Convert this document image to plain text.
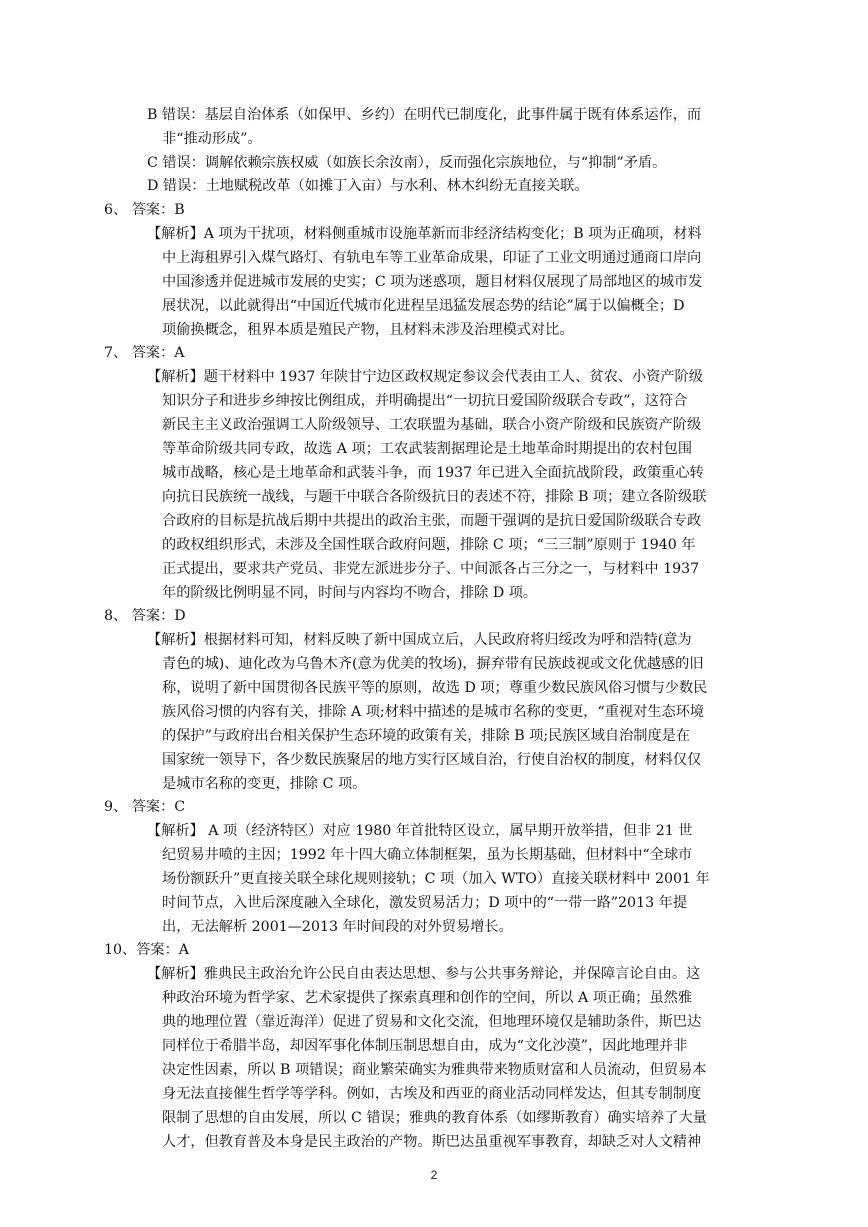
B 错误：基层自治体系（如保甲、乡约）在明代已制度化，此事件属于既有体系运作，而
非“推动形成”。
C 错误：调解依赖宗族权威（如族长余汝南），反而强化宗族地位，与“抑制”矛盾。
D 错误：土地赋税改革（如摊丁入亩）与水利、林木纠纷无直接关联。
6、 答案：B
【解析】A 项为干扰项，材料侧重城市设施革新而非经济结构变化；B 项为正确项，材料
中上海租界引入煤气路灯、有轨电车等工业革命成果，印证了工业文明通过通商口岸向
中国渗透并促进城市发展的史实；C 项为迷惑项，题目材料仅展现了局部地区的城市发
展状况，以此就得出“中国近代城市化进程呈迅猛发展态势的结论”属于以偏概全；D
项偷换概念，租界本质是殖民产物，且材料未涉及治理模式对比。
7、 答案：A
【解析】题干材料中 1937 年陕甘宁边区政权规定参议会代表由工人、贫农、小资产阶级
知识分子和进步乡绅按比例组成，并明确提出“一切抗日爱国阶级联合专政”，这符合
新民主主义政治强调工人阶级领导、工农联盟为基础，联合小资产阶级和民族资产阶级
等革命阶级共同专政，故选 A 项；工农武装割据理论是土地革命时期提出的农村包围
城市战略，核心是土地革命和武装斗争，而 1937 年已进入全面抗战阶段，政策重心转
向抗日民族统一战线，与题干中联合各阶级抗日的表述不符，排除 B 项；建立各阶级联
合政府的目标是抗战后期中共提出的政治主张，而题干强调的是抗日爱国阶级联合专政
的政权组织形式，未涉及全国性联合政府问题，排除 C 项；“三三制”原则于 1940 年
正式提出，要求共产党员、非党左派进步分子、中间派各占三分之一，与材料中 1937
年的阶级比例明显不同，时间与内容均不吻合，排除 D 项。
8、 答案：D
【解析】根据材料可知，材料反映了新中国成立后，人民政府将归绥改为呼和浩特(意为
青色的城)、迪化改为乌鲁木齐(意为优美的牧场)，摒弃带有民族歧视或文化优越感的旧
称，说明了新中国贯彻各民族平等的原则，故选 D 项；尊重少数民族风俗习惯与少数民
族风俗习惯的内容有关，排除 A 项;材料中描述的是城市名称的变更，“重视对生态环境
的保护”与政府出台相关保护生态环境的政策有关，排除 B 项;民族区域自治制度是在
国家统一领导下，各少数民族聚居的地方实行区域自治，行使自治权的制度，材料仅仅
是城市名称的变更，排除 C 项。
9、 答案：C
【解析】 A 项（经济特区）对应 1980 年首批特区设立，属早期开放举措，但非 21 世
纪贸易井喷的主因；1992 年十四大确立体制框架，虽为长期基础，但材料中“全球市
场份额跃升”更直接关联全球化规则接轨；C 项（加入 WTO）直接关联材料中 2001 年
时间节点，入世后深度融入全球化，激发贸易活力；D 项中的“一带一路”2013 年提
出，无法解析 2001—2013 年时间段的对外贸易增长。
10、答案：A
【解析】雅典民主政治允许公民自由表达思想、参与公共事务辩论，并保障言论自由。这
种政治环境为哲学家、艺术家提供了探索真理和创作的空间，所以 A 项正确；虽然雅
典的地理位置（靠近海洋）促进了贸易和文化交流，但地理环境仅是辅助条件，斯巴达
同样位于希腊半岛，却因军事化体制压制思想自由，成为“文化沙漠”，因此地理并非
决定性因素，所以 B 项错误；商业繁荣确实为雅典带来物质财富和人员流动，但贸易本
身无法直接催生哲学等学科。例如，古埃及和西亚的商业活动同样发达，但其专制制度
限制了思想的自由发展，所以 C 错误；雅典的教育体系（如缪斯教育）确实培养了大量
人才，但教育普及本身是民主政治的产物。斯巴达虽重视军事教育，却缺乏对人文精神
2
